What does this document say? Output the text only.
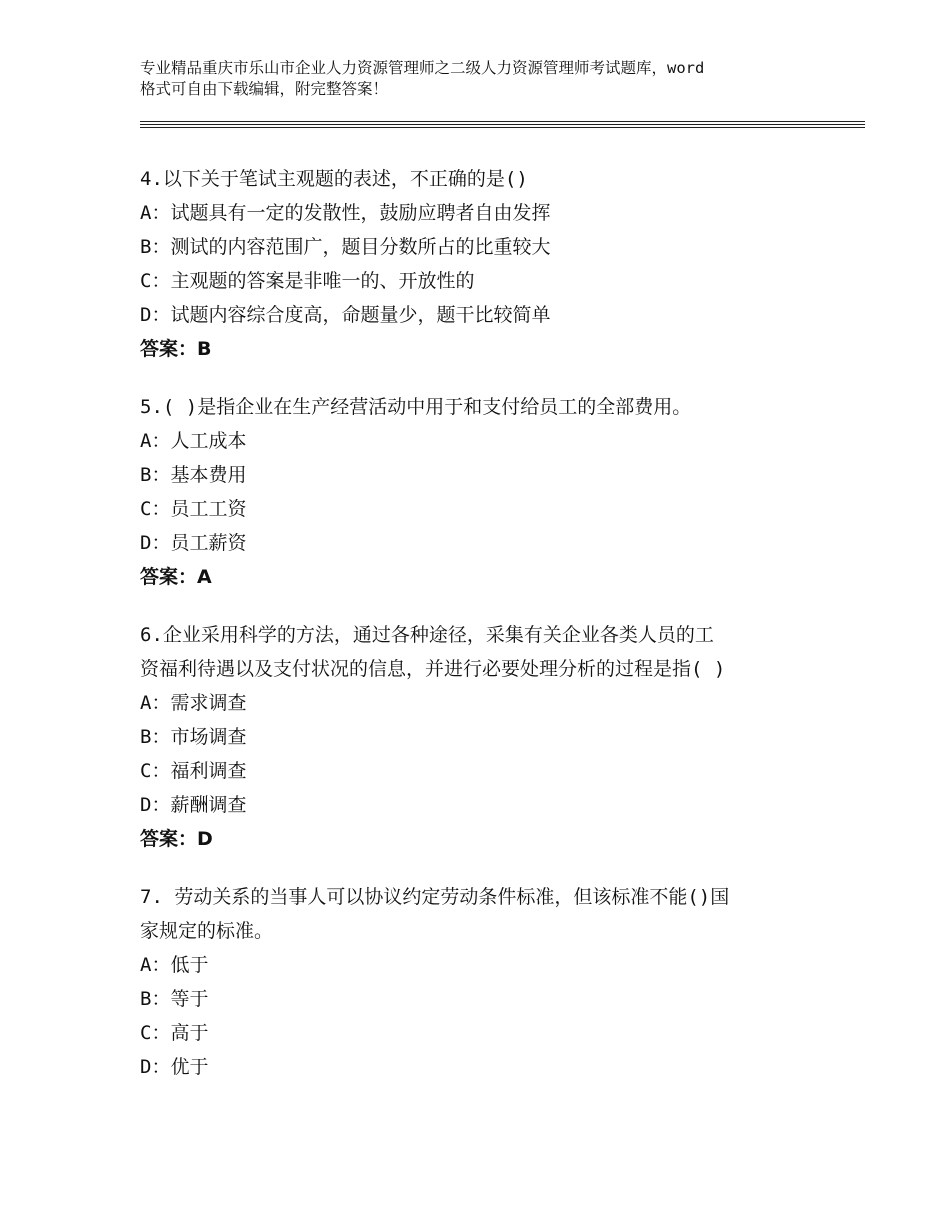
专业精品重庆市乐山市企业人力资源管理师之二级人力资源管理师考试题库，word
格式可自由下载编辑，附完整答案！
4.以下关于笔试主观题的表述，不正确的是()
A：试题具有一定的发散性，鼓励应聘者自由发挥
B：测试的内容范围广，题目分数所占的比重较大
C：主观题的答案是非唯一的、开放性的
D：试题内容综合度高，命题量少，题干比较简单
答案：B
5.( )是指企业在生产经营活动中用于和支付给员工的全部费用。
A：人工成本
B：基本费用
C：员工工资
D：员工薪资
答案：A
6.企业采用科学的方法，通过各种途径，采集有关企业各类人员的工
资福利待遇以及支付状况的信息，并进行必要处理分析的过程是指( )
A：需求调查
B：市场调查
C：福利调查
D：薪酬调查
答案：D
7. 劳动关系的当事人可以协议约定劳动条件标准，但该标准不能()国
家规定的标准。
A：低于
B：等于
C：高于
D：优于
